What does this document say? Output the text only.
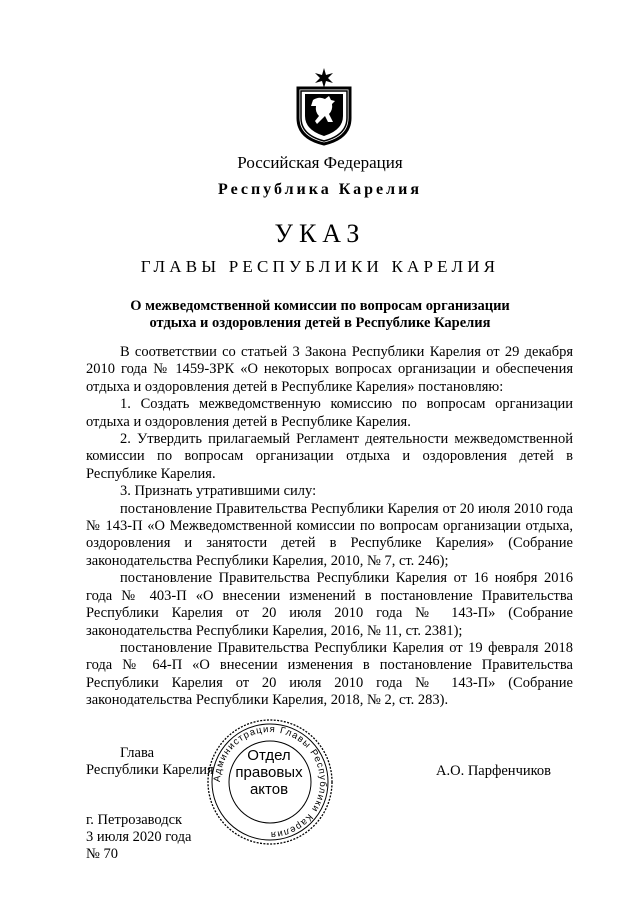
Российская Федерация
Республика Карелия
УКАЗ
ГЛАВЫ РЕСПУБЛИКИ КАРЕЛИЯ
О межведомственной комиссии по вопросам организации
отдыха и оздоровления детей в Республике Карелия

В соответствии со статьей 3 Закона Республики Карелия от 29 декабря 2010 года № 1459-ЗРК «О некоторых вопросах организации и обеспечения отдыха и оздоровления детей в Республике Карелия» постановляю:

1. Создать межведомственную комиссию по вопросам организации отдыха и оздоровления детей в Республике Карелия.

2. Утвердить прилагаемый Регламент деятельности межведомственной комиссии по вопросам организации отдыха и оздоровления детей в Республике Карелия.

3. Признать утратившими силу:

постановление Правительства Республики Карелия от 20 июля 2010 года № 143-П «О Межведомственной комиссии по вопросам организации отдыха, оздоровления и занятости детей в Республике Карелия» (Собрание законодательства Республики Карелия, 2010, № 7, ст. 246);

постановление Правительства Республики Карелия от 16 ноября 2016 года № 403-П «О внесении изменений в постановление Правительства Республики Карелия от 20 июля 2010 года № 143-П» (Собрание законодательства Республики Карелия, 2016, № 11, ст. 2381);

постановление Правительства Республики Карелия от 19 февраля 2018 года № 64-П «О внесении изменения в постановление Правительства Республики Карелия от 20 июля 2010 года № 143-П» (Собрание законодательства Республики Карелия, 2018, № 2, ст. 283).

Глава
Республики Карелия	А.О. Парфенчиков
Администрация Главы Республики Карелия
Отдел
правовых
актов
г. Петрозаводск
3 июля 2020 года
№ 70
